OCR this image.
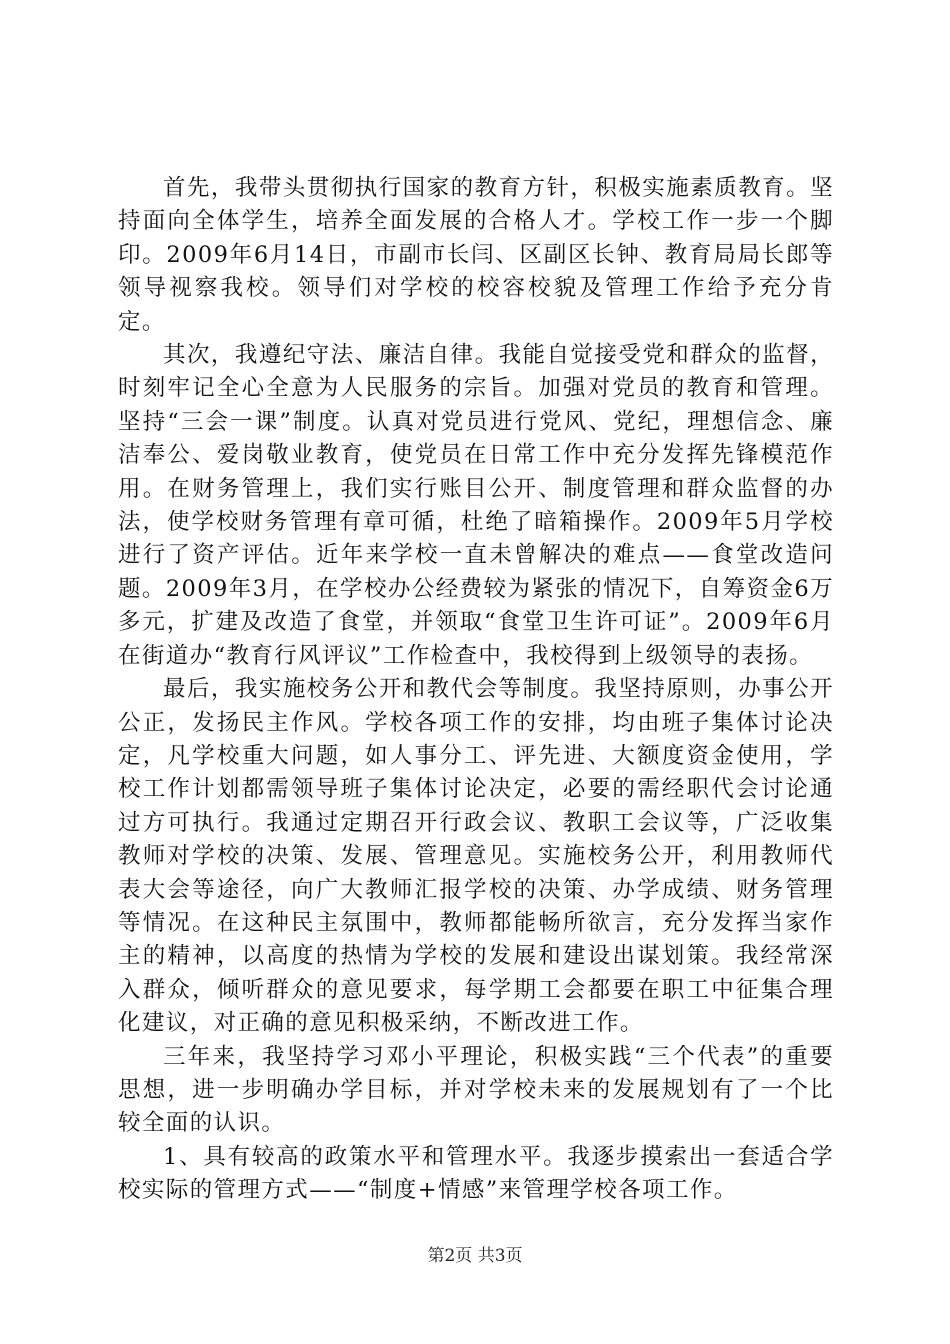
首先，我带头贯彻执行国家的教育方针，积极实施素质教育。坚持面向全体学生，培养全面发展的合格人才。学校工作一步一个脚印。2009年6月14日，市副市长闫、区副区长钟、教育局局长郎等领导视察我校。领导们对学校的校容校貌及管理工作给予充分肯定。

其次，我遵纪守法、廉洁自律。我能自觉接受党和群众的监督，时刻牢记全心全意为人民服务的宗旨。加强对党员的教育和管理。坚持“三会一课”制度。认真对党员进行党风、党纪，理想信念、廉洁奉公、爱岗敬业教育，使党员在日常工作中充分发挥先锋模范作用。在财务管理上，我们实行账目公开、制度管理和群众监督的办法，使学校财务管理有章可循，杜绝了暗箱操作。2009年5月学校进行了资产评估。近年来学校一直未曾解决的难点——食堂改造问题。2009年3月，在学校办公经费较为紧张的情况下，自筹资金6万多元，扩建及改造了食堂，并领取“食堂卫生许可证”。2009年6月在街道办“教育行风评议”工作检查中，我校得到上级领导的表扬。

最后，我实施校务公开和教代会等制度。我坚持原则，办事公开公正，发扬民主作风。学校各项工作的安排，均由班子集体讨论决定，凡学校重大问题，如人事分工、评先进、大额度资金使用，学校工作计划都需领导班子集体讨论决定，必要的需经职代会讨论通过方可执行。我通过定期召开行政会议、教职工会议等，广泛收集教师对学校的决策、发展、管理意见。实施校务公开，利用教师代表大会等途径，向广大教师汇报学校的决策、办学成绩、财务管理等情况。在这种民主氛围中，教师都能畅所欲言，充分发挥当家作主的精神，以高度的热情为学校的发展和建设出谋划策。我经常深入群众，倾听群众的意见要求，每学期工会都要在职工中征集合理化建议，对正确的意见积极采纳，不断改进工作。

三年来，我坚持学习邓小平理论，积极实践“三个代表”的重要思想，进一步明确办学目标，并对学校未来的发展规划有了一个比较全面的认识。

1、具有较高的政策水平和管理水平。我逐步摸索出一套适合学校实际的管理方式——“制度+情感”来管理学校各项工作。

第2页 共3页
